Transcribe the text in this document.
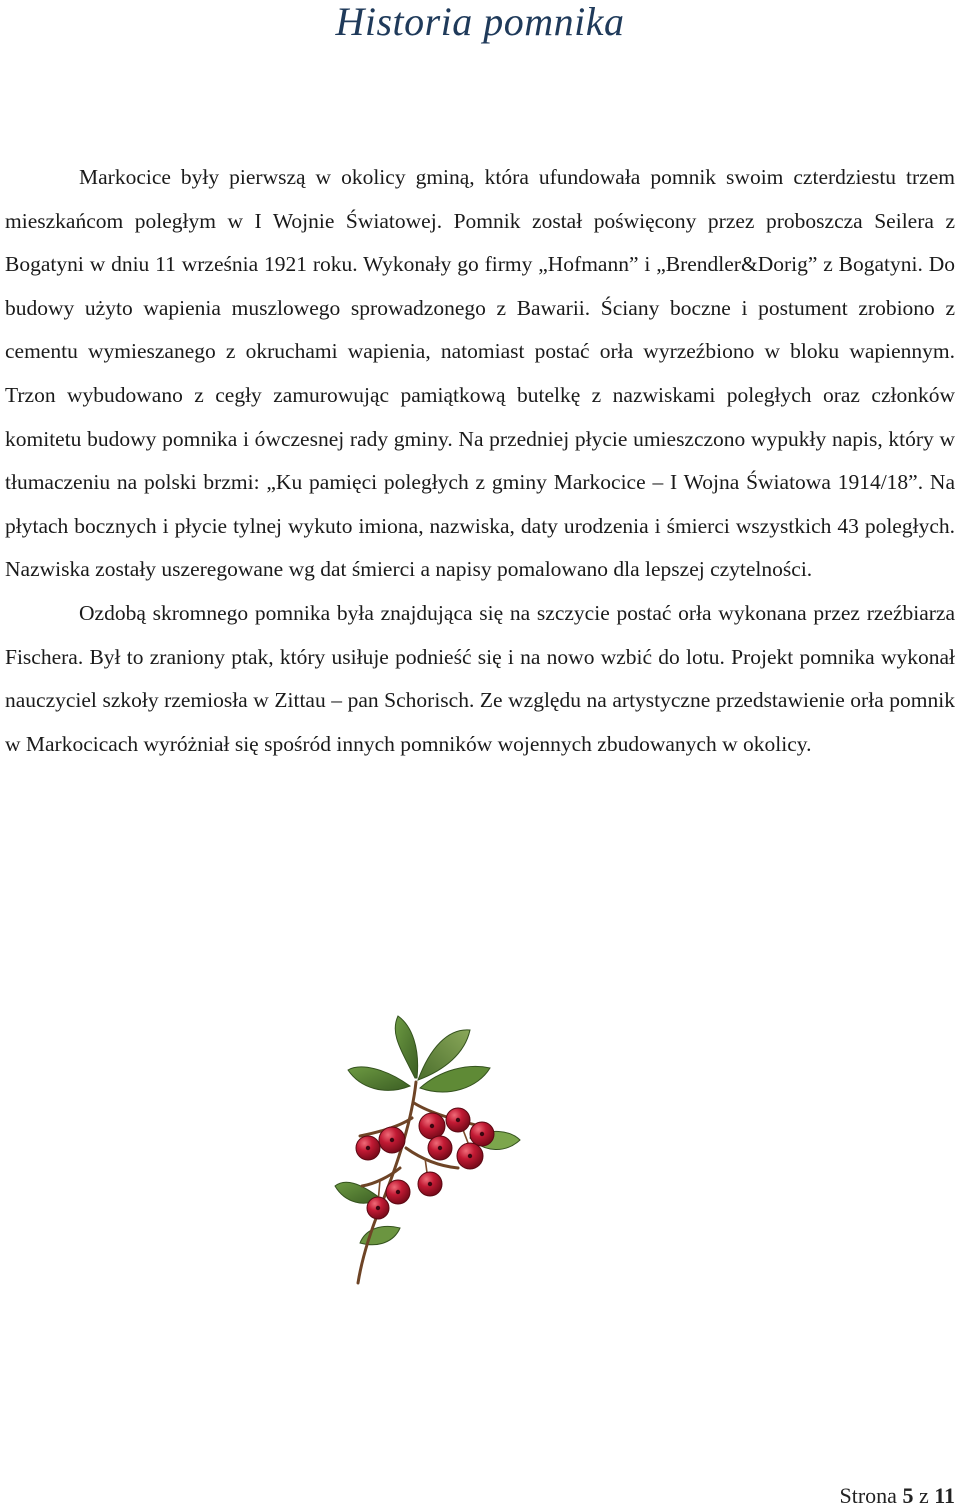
Historia pomnika

Markocice były pierwszą w okolicy gminą, która ufundowała pomnik swoim czterdziestu trzem mieszkańcom poległym w I Wojnie Światowej. Pomnik został poświęcony przez proboszcza Seilera z Bogatyni w dniu 11 września 1921 roku. Wykonały go firmy „Hofmann” i „Brendler&Dorig” z Bogatyni. Do budowy użyto wapienia muszlowego sprowadzonego z Bawarii. Ściany boczne i postument zrobiono z cementu wymieszanego z okruchami wapienia, natomiast postać orła wyrzeźbiono w bloku wapiennym. Trzon wybudowano z cegły zamurowując pamiątkową butelkę z nazwiskami poległych oraz członków komitetu budowy pomnika i ówczesnej rady gminy. Na przedniej płycie umieszczono wypukły napis, który w tłumaczeniu na polski brzmi: „Ku pamięci poległych z gminy Markocice – I Wojna Światowa 1914/18”. Na płytach bocznych i płycie tylnej wykuto imiona, nazwiska, daty urodzenia i śmierci wszystkich 43 poległych. Nazwiska zostały uszeregowane wg dat śmierci a napisy pomalowano dla lepszej czytelności.

Ozdobą skromnego pomnika była znajdująca się na szczycie postać orła wykonana przez rzeźbiarza Fischera. Był to zraniony ptak, który usiłuje podnieść się i na nowo wzbić do lotu. Projekt pomnika wykonał nauczyciel szkoły rzemiosła w Zittau – pan Schorisch. Ze względu na artystyczne przedstawienie orła pomnik w Markocicach wyróżniał się spośród innych pomników wojennych zbudowanych w okolicy.

Strona 5 z 11
